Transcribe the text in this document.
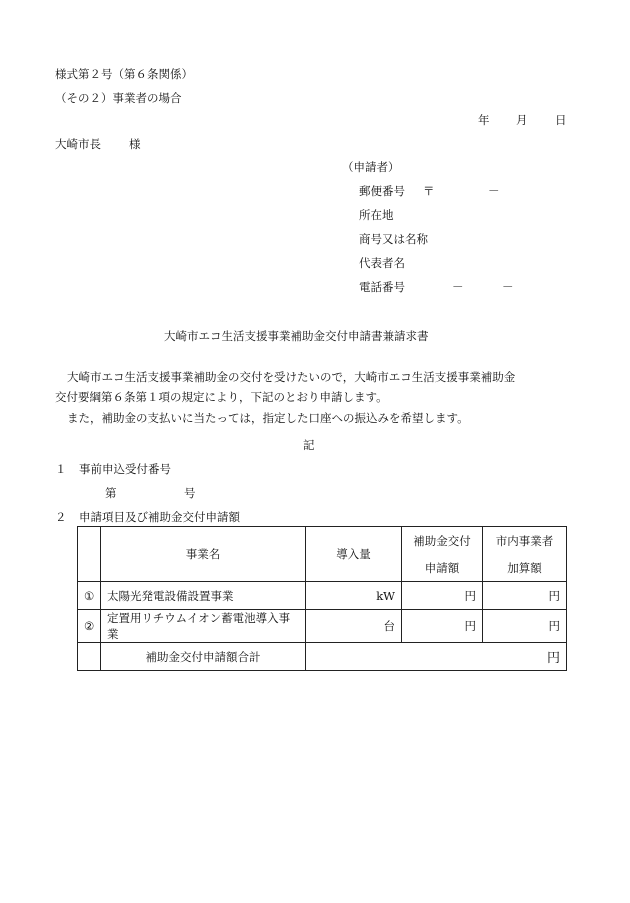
様式第２号（第６条関係）
（その２）事業者の場合
年 月 日
大崎市長 様
（申請者）
郵便番号 〒	－
所在地
商号又は名称
代表者名
電話番号	－	－
大崎市エコ生活支援事業補助金交付申請書兼請求書
大崎市エコ生活支援事業補助金の交付を受けたいので，大崎市エコ生活支援事業補助金
交付要綱第６条第１項の規定により，下記のとおり申請します。
また，補助金の支払いに当たっては，指定した口座への振込みを希望します。
記
１ 事前申込受付番号
第	号
２ 申請項目及び補助金交付申請額
	事業名	導入量	補助金交付	市内事業者
			申請額	加算額
①	太陽光発電設備設置事業	kW	円	円
②	定置用リチウムイオン蓄電池導入事業	台	円	円
	補助金交付申請額合計	円		
